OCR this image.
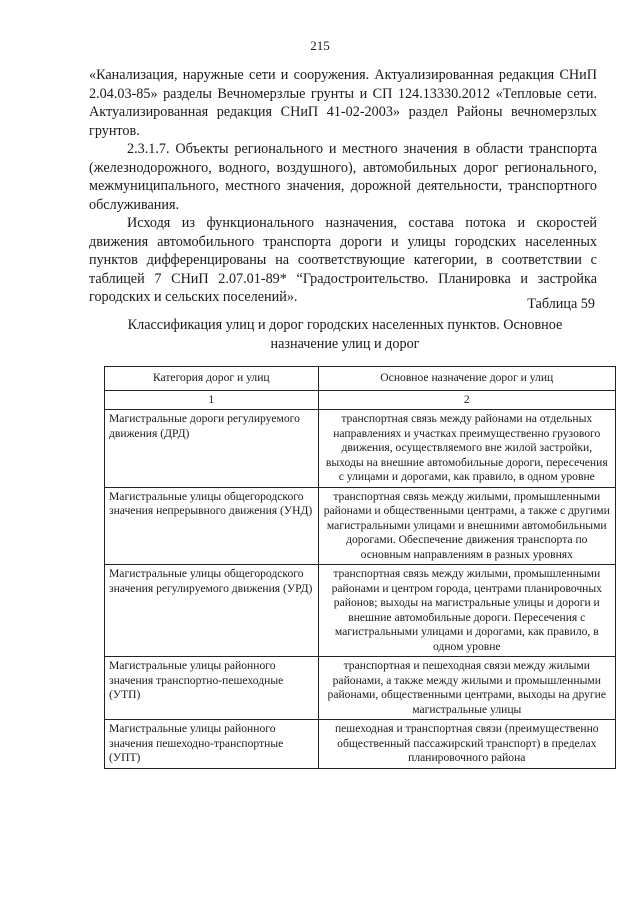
215

«Канализация, наружные сети и сооружения. Актуализированная редакция СНиП 2.04.03-85» разделы Вечномерзлые грунты и СП 124.13330.2012 «Тепловые сети. Актуализированная редакция СНиП 41-02-2003» раздел Районы вечномерзлых грунтов.

2.3.1.7. Объекты регионального и местного значения в области транспорта (железнодорожного, водного, воздушного), автомобильных дорог регионального, межмуниципального, местного значения, дорожной деятельности, транспортного обслуживания.

Исходя из функционального назначения, состава потока и скоростей движения автомобильного транспорта дороги и улицы городских населенных пунктов дифференцированы на соответствующие категории, в соответствии с таблицей 7 СНиП 2.07.01-89* “Градостроительство. Планировка и застройка городских и сельских поселений».	Таблица 59
Классификация улиц и дорог городских населенных пунктов. Основное назначение улиц и дорог
Категория дорог и улиц	Основное назначение дорог и улиц
1	2
Магистральные дороги регулируемого движения (ДРД)	транспортная связь между районами на отдельных направлениях и участках преимущественно грузового движения, осуществляемого вне жилой застройки, выходы на внешние автомобильные дороги, пересечения с улицами и дорогами, как правило, в одном уровне
Магистральные улицы общегородского значения непрерывного движения (УНД)	транспортная связь между жилыми, промышленными районами и общественными центрами, а также с другими магистральными улицами и внешними автомобильными дорогами. Обеспечение движения транспорта по основным направлениям в разных уровнях
Магистральные улицы общегородского значения регулируемого движения (УРД)	транспортная связь между жилыми, промышленными районами и центром города, центрами планировочных районов; выходы на магистральные улицы и дороги и внешние автомобильные дороги. Пересечения с магистральными улицами и дорогами, как правило, в одном уровне
Магистральные улицы районного значения транспортно-пешеходные (УТП)	транспортная и пешеходная связи между жилыми районами, а также между жилыми и промышленными районами, общественными центрами, выходы на другие магистральные улицы
Магистральные улицы районного значения пешеходно-транспортные (УПТ)	пешеходная и транспортная связи (преимущественно общественный пассажирский транспорт) в пределах планировочного района
